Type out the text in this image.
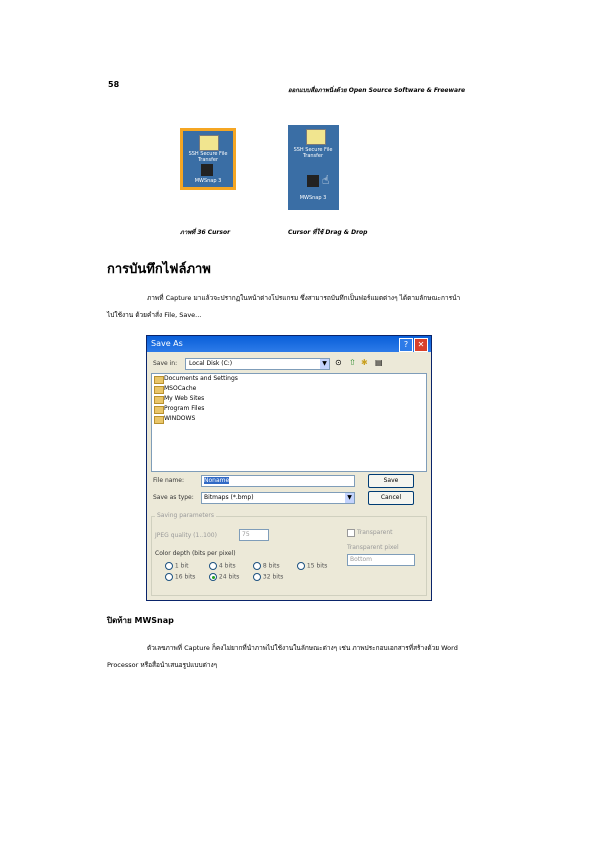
58
ออกแบบสื่อภาพนิ่งด้วย Open Source Software & Freeware
SSH Secure File Transfer
MWSnap 3
SSH Secure File Transfer
☝
MWSnap 3
ภาพที่ 36 Cursor	Cursor ที่ใช้ Drag & Drop
การบันทึกไฟล์ภาพ
ภาพที่ Capture มาแล้วจะปรากฏในหน้าต่างโปรแกรม ซึ่งสามารถบันทึกเป็นฟอร์แมตต่างๆ ได้ตามลักษณะการนำไปใช้งาน ด้วยคำสั่ง File, Save...
Save As	?	✕
Save in:	Local Disk (C:)	▼ ⊙ ⇧ ✱ ▤
Documents and Settings
MSOCache
My Web Sites
Program Files
WINDOWS
File name:	Noname
Save as type:	Bitmaps (*.bmp)	▼
Save
Cancel
Saving parameters
JPEG quality (1..100)	75	Transparent
Transparent pixel
Bottom
Color depth (bits per pixel)
1 bit	4 bits	8 bits	15 bits
16 bits	24 bits	32 bits
ปิดท้าย MWSnap
ตัวเลขภาพที่ Capture ก็คงไม่ยากที่นำภาพไปใช้งานในลักษณะต่างๆ เช่น ภาพประกอบเอกสารที่สร้างด้วย Word Processor หรือสื่อนำเสนอรูปแบบต่างๆ
